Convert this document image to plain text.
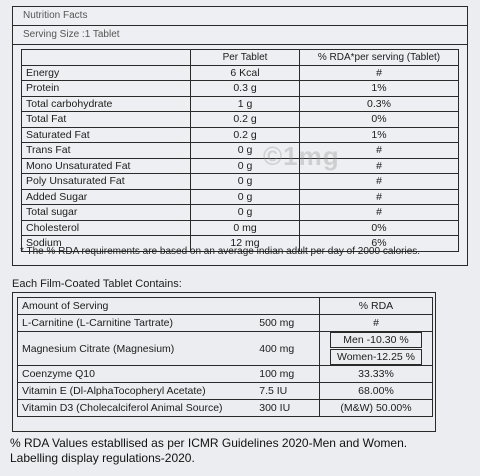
Nutrition Facts
Serving Size :1 Tablet
	Per Tablet	% RDA*per serving (Tablet)
Energy	6 Kcal	#
Protein	0.3 g	1%
Total carbohydrate	1 g	0.3%
Total Fat	0.2 g	0%
Saturated Fat	0.2 g	1%
Trans Fat	0 g	#
Mono Unsaturated Fat	0 g	#
Poly Unsaturated Fat	0 g	#
Added Sugar	0 g	#
Total sugar	0 g	#
Cholesterol	0 mg	0%
Sodium	12 mg	6%
©1mg
* The % RDA requirements are based on an average indian adult per day of 2000 calories.
Each Film-Coated Tablet Contains:
Amount of Serving		% RDA
L-Carnitine (L-Carnitine Tartrate)	500 mg	#

Magnesium Citrate (Magnesium)	400 mg	Men -10.30 %
Women-12.25 %

Coenzyme Q10	100 mg	33.33%

Vitamin E (Dl-AlphaTocopheryl Acetate)	7.5 IU	68.00%

Vitamin D3 (Cholecalciferol Animal Source)	300 IU	(M&W) 50.00%
% RDA Values establlised as per ICMR Guidelines 2020-Men and Women.
Labelling display regulations-2020.
